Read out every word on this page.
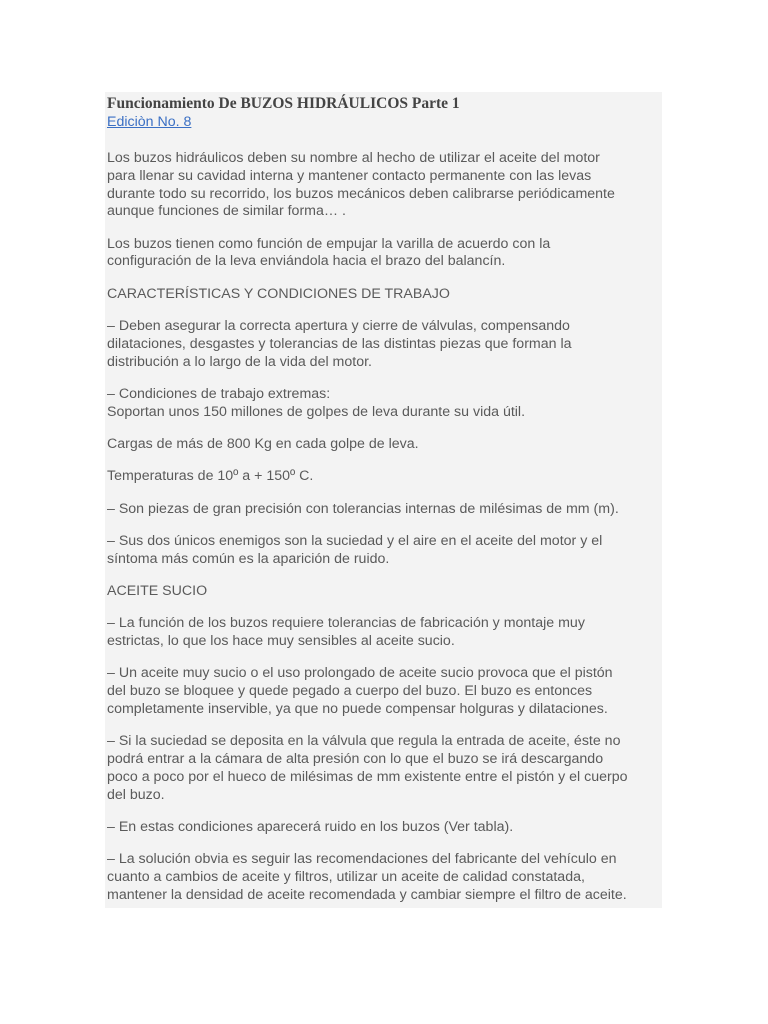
Funcionamiento De BUZOS HIDRÁULICOS Parte 1
Ediciòn No. 8
Los buzos hidráulicos deben su nombre al hecho de utilizar el aceite del motor
para llenar su cavidad interna y mantener contacto permanente con las levas
durante todo su recorrido, los buzos mecánicos deben calibrarse periódicamente
aunque funciones de similar forma… .
Los buzos tienen como función de empujar la varilla de acuerdo con la
configuración de la leva enviándola hacia el brazo del balancín.
CARACTERÍSTICAS Y CONDICIONES DE TRABAJO
– Deben asegurar la correcta apertura y cierre de válvulas, compensando
dilataciones, desgastes y tolerancias de las distintas piezas que forman la
distribución a lo largo de la vida del motor.
– Condiciones de trabajo extremas:
Soportan unos 150 millones de golpes de leva durante su vida útil.
Cargas de más de 800 Kg en cada golpe de leva.
Temperaturas de 10º a + 150º C.
– Son piezas de gran precisión con tolerancias internas de milésimas de mm (m).
– Sus dos únicos enemigos son la suciedad y el aire en el aceite del motor y el
síntoma más común es la aparición de ruido.
ACEITE SUCIO
– La función de los buzos requiere tolerancias de fabricación y montaje muy
estrictas, lo que los hace muy sensibles al aceite sucio.
– Un aceite muy sucio o el uso prolongado de aceite sucio provoca que el pistón
del buzo se bloquee y quede pegado a cuerpo del buzo. El buzo es entonces
completamente inservible, ya que no puede compensar holguras y dilataciones.
– Si la suciedad se deposita en la válvula que regula la entrada de aceite, éste no
podrá entrar a la cámara de alta presión con lo que el buzo se irá descargando
poco a poco por el hueco de milésimas de mm existente entre el pistón y el cuerpo
del buzo.
– En estas condiciones aparecerá ruido en los buzos (Ver tabla).
– La solución obvia es seguir las recomendaciones del fabricante del vehículo en
cuanto a cambios de aceite y filtros, utilizar un aceite de calidad constatada,
mantener la densidad de aceite recomendada y cambiar siempre el filtro de aceite.
